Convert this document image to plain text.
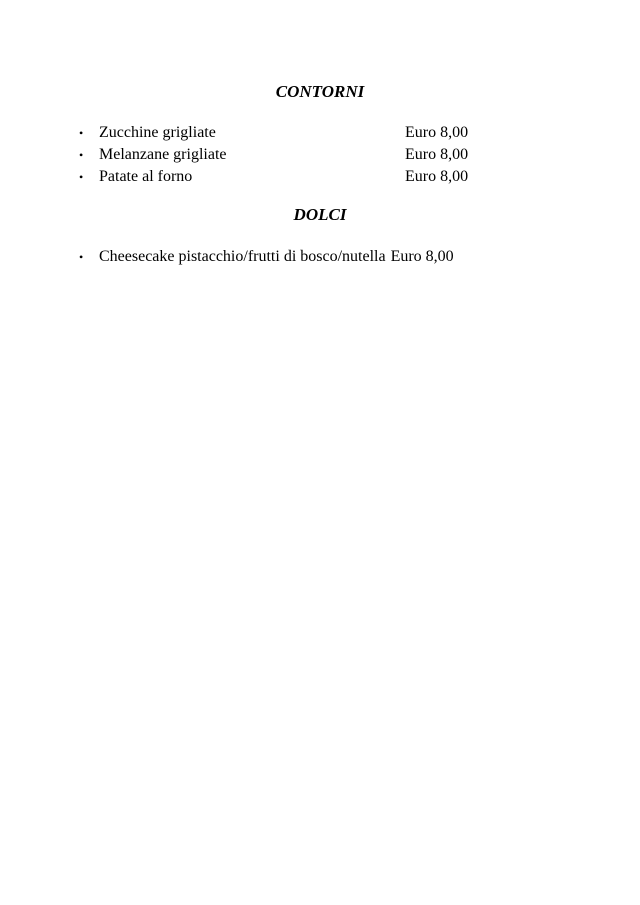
CONTORNI
• Zucchine grigliate	Euro 8,00
• Melanzane grigliate	Euro 8,00
• Patate al forno	Euro 8,00
DOLCI
• Cheesecake pistacchio/frutti di bosco/nutella Euro 8,00
